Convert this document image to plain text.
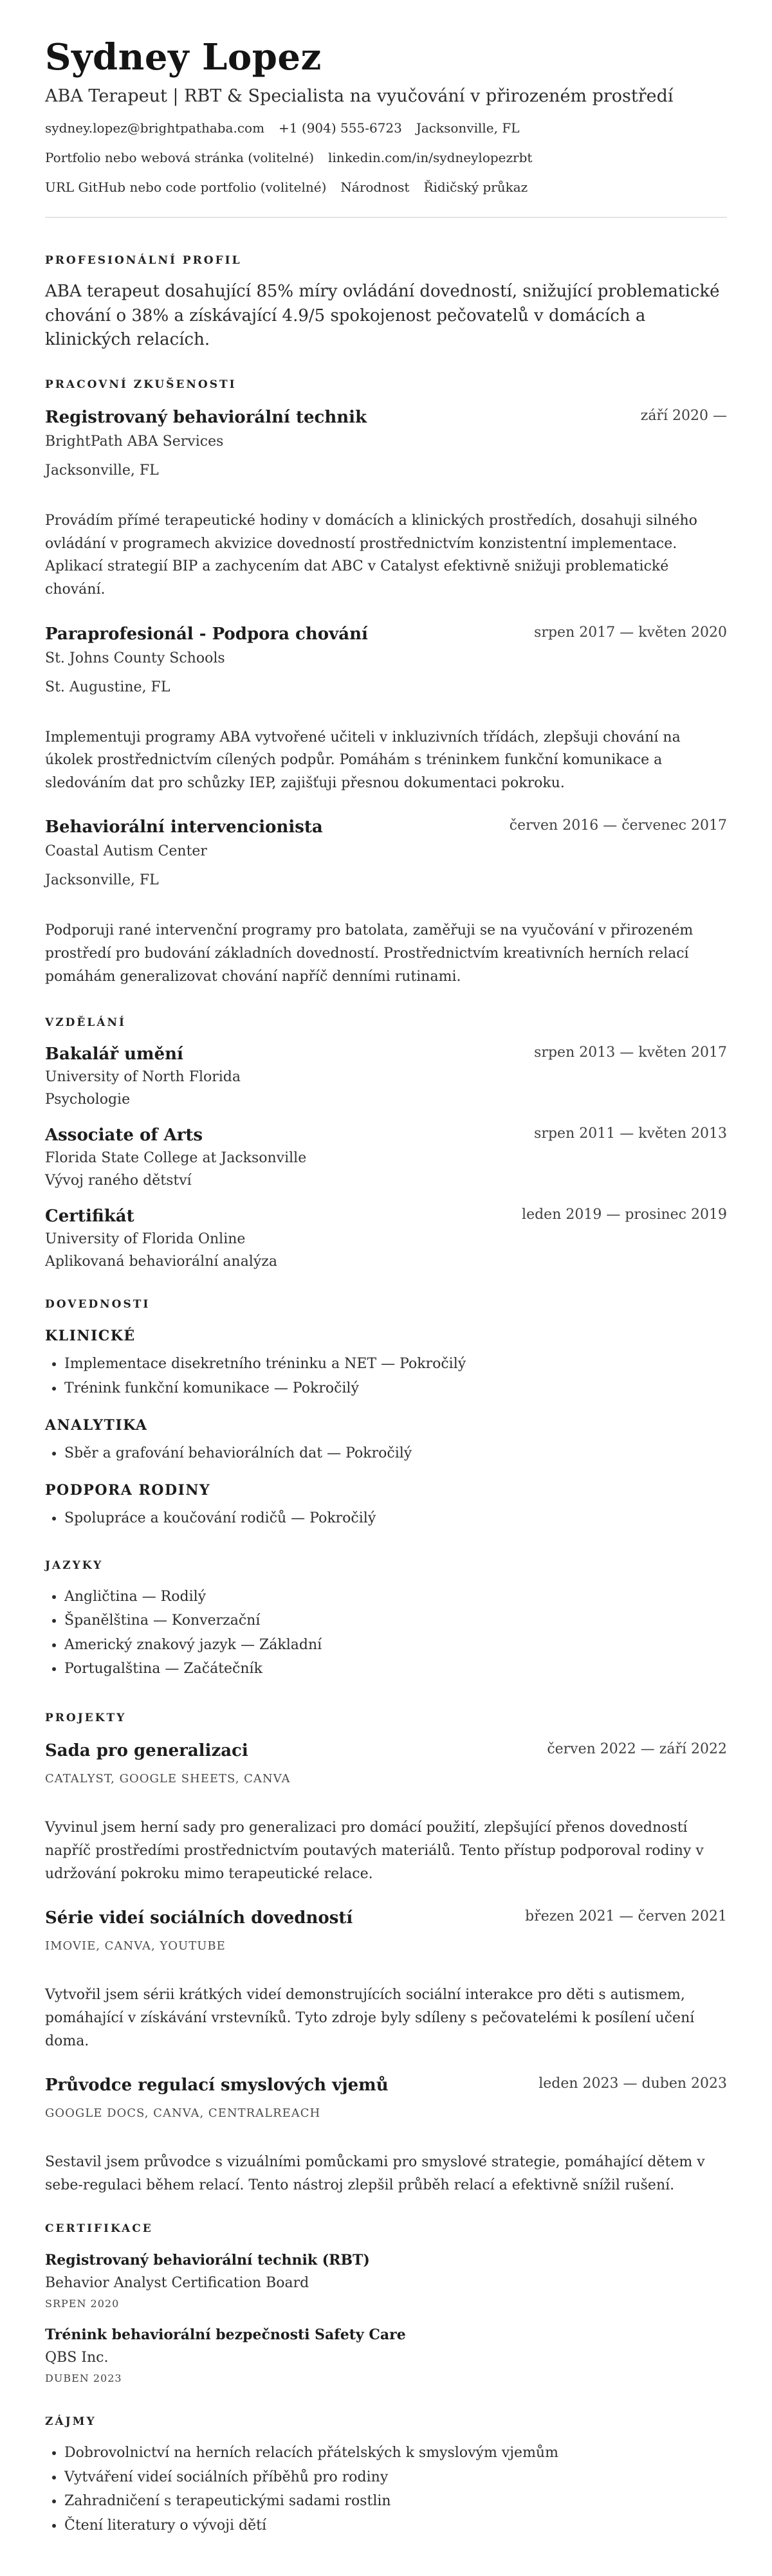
Sydney Lopez
ABA Terapeut | RBT & Specialista na vyučování v přirozeném prostředí
sydney.lopez@brightpathaba.com +1 (904) 555-6723 Jacksonville, FL
Portfolio nebo webová stránka (volitelné) linkedin.com/in/sydneylopezrbt
URL GitHub nebo code portfolio (volitelné) Národnost Řidičský průkaz
PROFESIONÁLNÍ PROFIL
ABA terapeut dosahující 85% míry ovládání dovedností, snižující problematické chování o 38% a získávající 4.9/5 spokojenost pečovatelů v domácích a klinických relacích.
PRACOVNÍ ZKUŠENOSTI
Registrovaný behaviorální technik	září 2020 —
BrightPath ABA Services
Jacksonville, FL
Provádím přímé terapeutické hodiny v domácích a klinických prostředích, dosahuji silného ovládání v programech akvizice dovedností prostřednictvím konzistentní implementace. Aplikací strategií BIP a zachycením dat ABC v Catalyst efektivně snižuji problematické chování.
Paraprofesionál - Podpora chování	srpen 2017 — květen 2020
St. Johns County Schools
St. Augustine, FL
Implementuji programy ABA vytvořené učiteli v inkluzivních třídách, zlepšuji chování na úkolek prostřednictvím cílených podpůr. Pomáhám s tréninkem funkční komunikace a sledováním dat pro schůzky IEP, zajišťuji přesnou dokumentaci pokroku.
Behaviorální intervencionista	červen 2016 — červenec 2017
Coastal Autism Center
Jacksonville, FL
Podporuji rané intervenční programy pro batolata, zaměřuji se na vyučování v přirozeném prostředí pro budování základních dovedností. Prostřednictvím kreativních herních relací pomáhám generalizovat chování napříč denními rutinami.
VZDĚLÁNÍ
Bakalář umění	srpen 2013 — květen 2017
University of North Florida
Psychologie
Associate of Arts	srpen 2011 — květen 2013
Florida State College at Jacksonville
Vývoj raného dětství
Certifikát	leden 2019 — prosinec 2019
University of Florida Online
Aplikovaná behaviorální analýza
DOVEDNOSTI
KLINICKÉ
• Implementace disekretního tréninku a NET — Pokročilý
• Trénink funkční komunikace — Pokročilý
ANALYTIKA
• Sběr a grafování behaviorálních dat — Pokročilý
PODPORA RODINY
• Spolupráce a koučování rodičů — Pokročilý
JAZYKY
• Angličtina — Rodilý
• Španělština — Konverzační
• Americký znakový jazyk — Základní
• Portugalština — Začátečník
PROJEKTY
Sada pro generalizaci	červen 2022 — září 2022
CATALYST, GOOGLE SHEETS, CANVA
Vyvinul jsem herní sady pro generalizaci pro domácí použití, zlepšující přenos dovedností napříč prostředími prostřednictvím poutavých materiálů. Tento přístup podporoval rodiny v udržování pokroku mimo terapeutické relace.
Série videí sociálních dovedností	březen 2021 — červen 2021
IMOVIE, CANVA, YOUTUBE
Vytvořil jsem sérii krátkých videí demonstrujících sociální interakce pro děti s autismem, pomáhající v získávání vrstevníků. Tyto zdroje byly sdíleny s pečovatelémi k posílení učení doma.
Průvodce regulací smyslových vjemů	leden 2023 — duben 2023
GOOGLE DOCS, CANVA, CENTRALREACH
Sestavil jsem průvodce s vizuálními pomůckami pro smyslové strategie, pomáhající dětem v sebe-regulaci během relací. Tento nástroj zlepšil průběh relací a efektivně snížil rušení.
CERTIFIKACE
Registrovaný behaviorální technik (RBT)
Behavior Analyst Certification Board
SRPEN 2020
Trénink behaviorální bezpečnosti Safety Care
QBS Inc.
DUBEN 2023
ZÁJMY
• Dobrovolnictví na herních relacích přátelských k smyslovým vjemům
• Vytváření videí sociálních příběhů pro rodiny
• Zahradničení s terapeutickými sadami rostlin
• Čtení literatury o vývoji dětí
